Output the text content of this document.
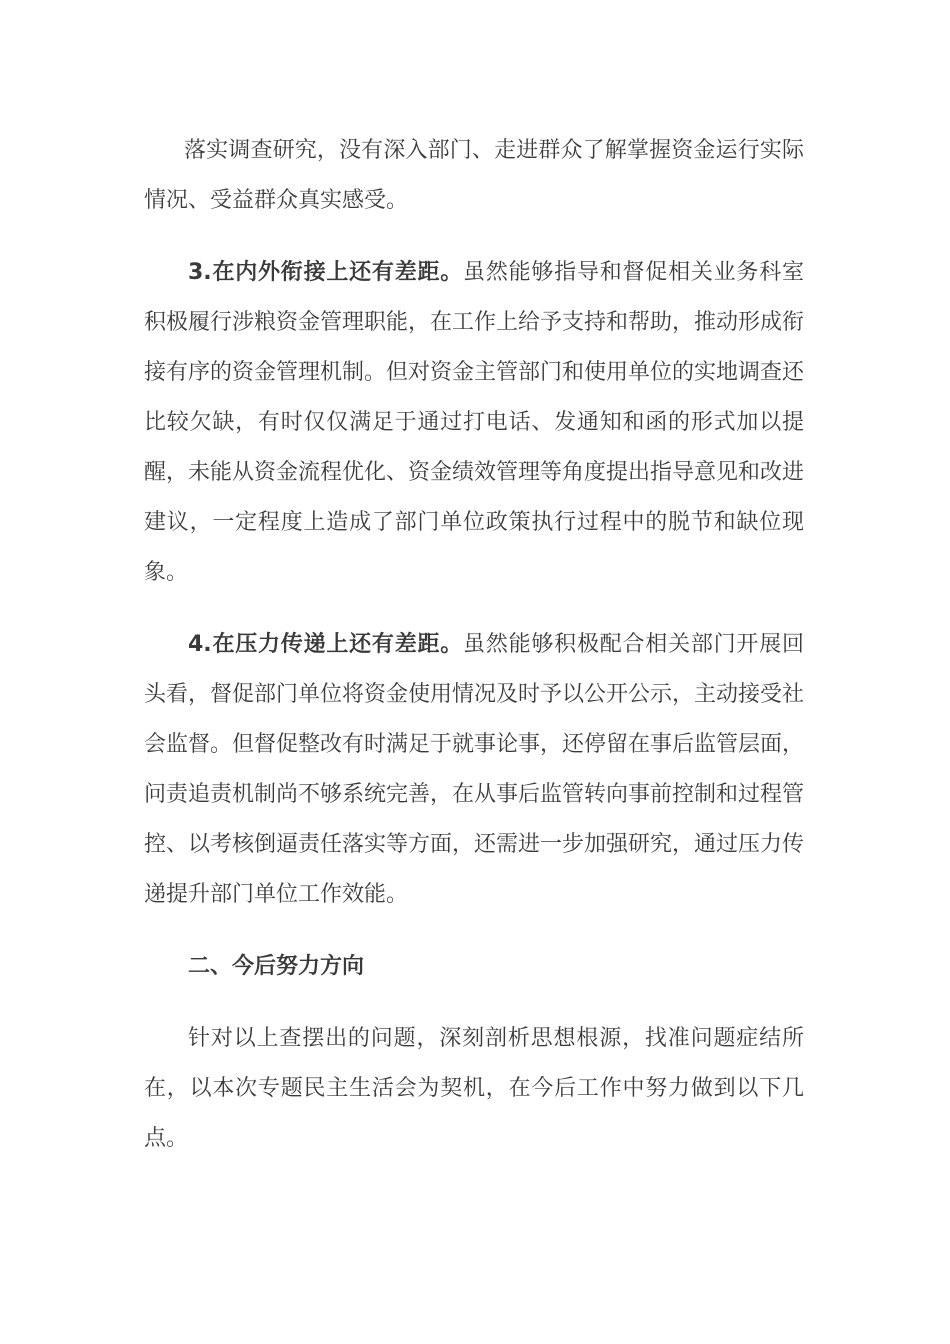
落实调查研究，没有深入部门、走进群众了解掌握资金运行实际情况、受益群众真实感受。

3.在内外衔接上还有差距。虽然能够指导和督促相关业务科室积极履行涉粮资金管理职能，在工作上给予支持和帮助，推动形成衔接有序的资金管理机制。但对资金主管部门和使用单位的实地调查还比较欠缺，有时仅仅满足于通过打电话、发通知和函的形式加以提醒，未能从资金流程优化、资金绩效管理等角度提出指导意见和改进建议，一定程度上造成了部门单位政策执行过程中的脱节和缺位现象。

4.在压力传递上还有差距。虽然能够积极配合相关部门开展回头看，督促部门单位将资金使用情况及时予以公开公示，主动接受社会监督。但督促整改有时满足于就事论事，还停留在事后监管层面，问责追责机制尚不够系统完善，在从事后监管转向事前控制和过程管控、以考核倒逼责任落实等方面，还需进一步加强研究，通过压力传递提升部门单位工作效能。

二、今后努力方向

针对以上查摆出的问题，深刻剖析思想根源，找准问题症结所在，以本次专题民主生活会为契机，在今后工作中努力做到以下几点。
